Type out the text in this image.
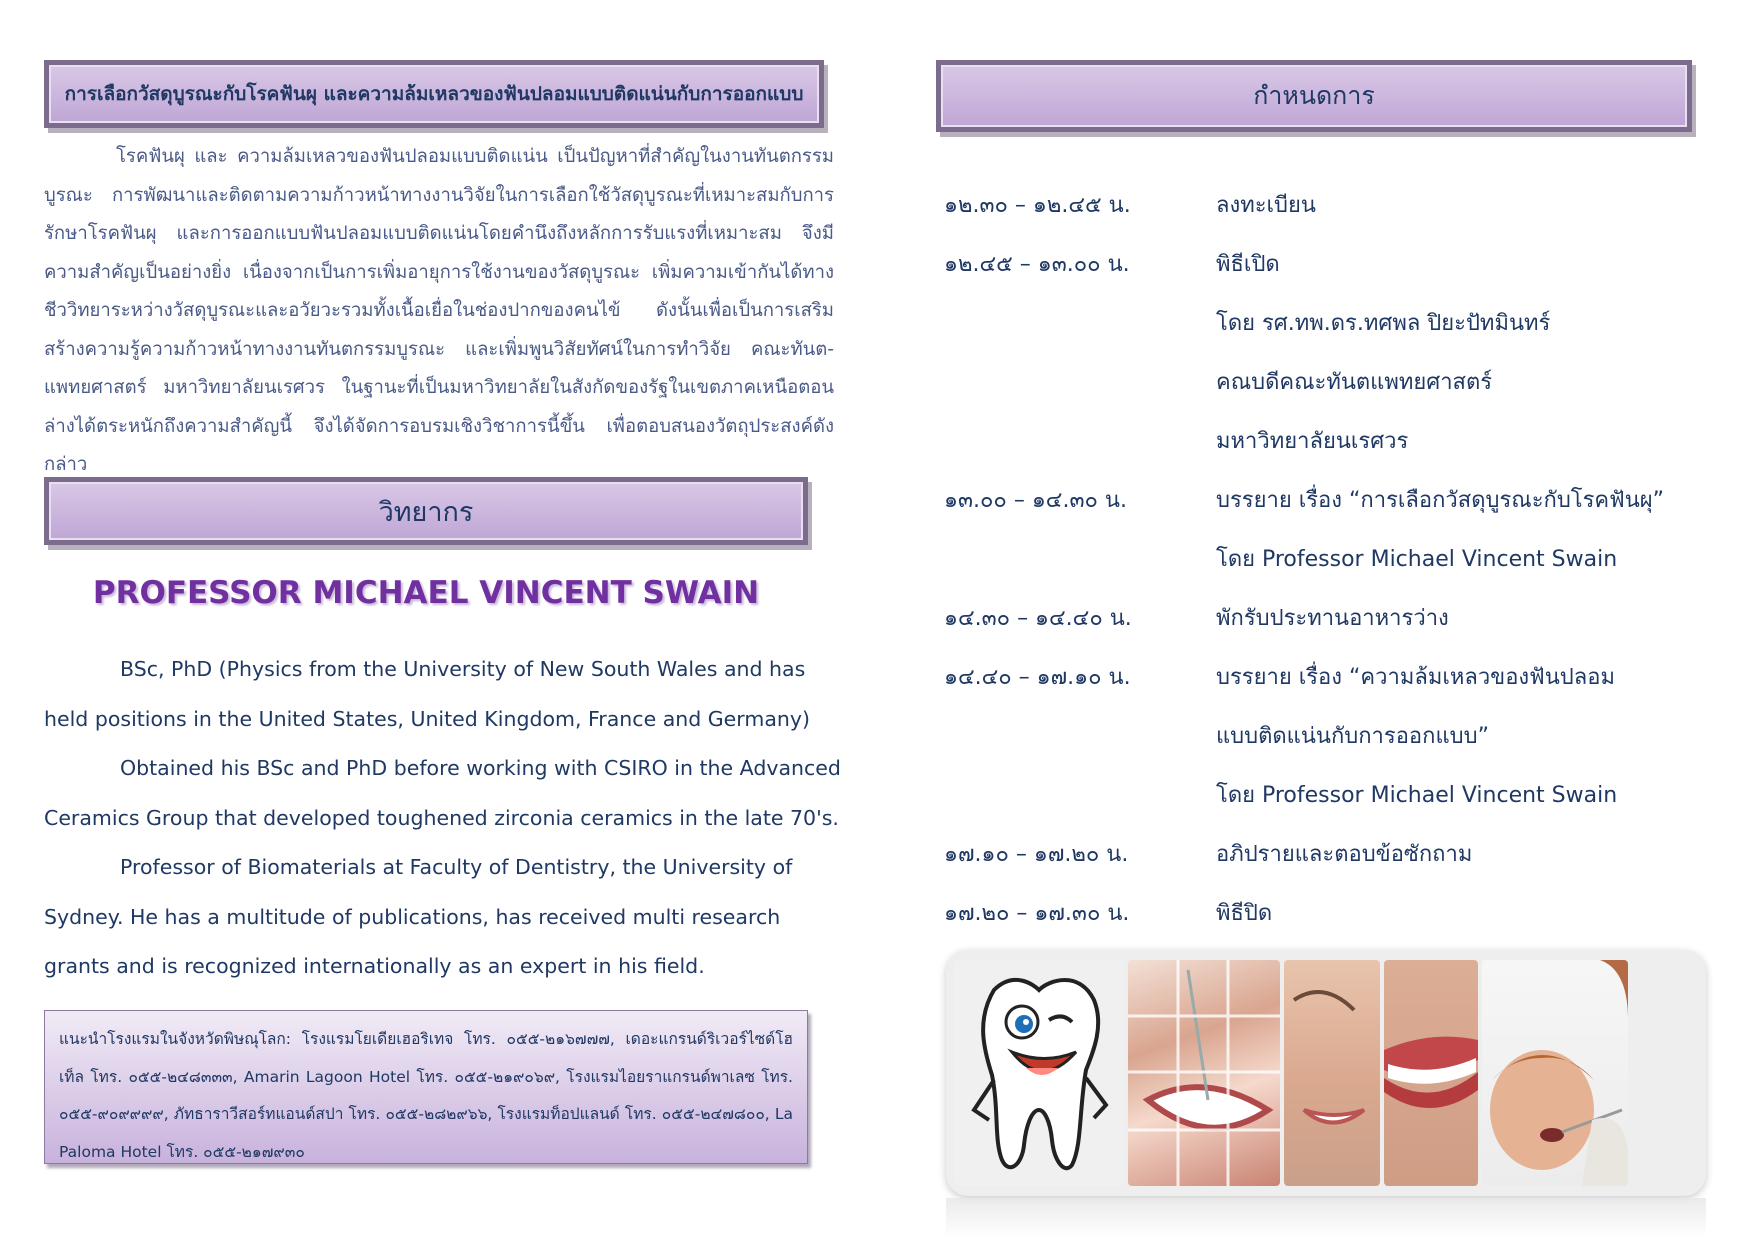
การเลือกวัสดุบูรณะกับโรคฟันผุ และความล้มเหลวของฟันปลอมแบบติดแน่นกับการออกแบบ

โรคฟันผุ และ ความล้มเหลวของฟันปลอมแบบติดแน่น เป็นปัญหาที่สำคัญในงานทันตกรรมบูรณะ การพัฒนาและติดตามความก้าวหน้าทางงานวิจัยในการเลือกใช้วัสดุบูรณะที่เหมาะสมกับการรักษาโรคฟันผุ และการออกแบบฟันปลอมแบบติดแน่นโดยคำนึงถึงหลักการรับแรงที่เหมาะสม จึงมีความสำคัญเป็นอย่างยิ่ง เนื่องจากเป็นการเพิ่มอายุการใช้งานของวัสดุบูรณะ เพิ่มความเข้ากันได้ทางชีววิทยาระหว่างวัสดุบูรณะและอวัยวะรวมทั้งเนื้อเยื่อในช่องปากของคนไข้ ดังนั้นเพื่อเป็นการเสริมสร้างความรู้ความก้าวหน้าทางงานทันตกรรมบูรณะ และเพิ่มพูนวิสัยทัศน์ในการทำวิจัย คณะทันต-แพทยศาสตร์ มหาวิทยาลัยนเรศวร ในฐานะที่เป็นมหาวิทยาลัยในสังกัดของรัฐในเขตภาคเหนือตอนล่างได้ตระหนักถึงความสำคัญนี้ จึงได้จัดการอบรมเชิงวิชาการนี้ขึ้น เพื่อตอบสนองวัตถุประสงค์ดังกล่าว

วิทยากร
PROFESSOR MICHAEL VINCENT SWAIN

BSc, PhD (Physics from the University of New South Wales and has held positions in the United States, United Kingdom, France and Germany)

Obtained his BSc and PhD before working with CSIRO in the Advanced Ceramics Group that developed toughened zirconia ceramics in the late 70's.

Professor of Biomaterials at Faculty of Dentistry, the University of Sydney. He has a multitude of publications, has received multi research grants and is recognized internationally as an expert in his field.

แนะนำโรงแรมในจังหวัดพิษณุโลก: โรงแรมโยเดียเฮอริเทจ โทร. ๐๕๕-๒๑๖๗๗๗, เดอะแกรนด์ริเวอร์ไซด์โฮเท็ล โทร. ๐๕๕-๒๔๘๓๓๓, Amarin Lagoon Hotel โทร. ๐๕๕-๒๑๙๐๖๙, โรงแรมไอยราแกรนด์พาเลซ โทร. ๐๕๕-๙๐๙๙๙๙, ภัทธาราวีสอร์ทแอนด์สปา โทร. ๐๕๕-๒๘๒๙๖๖, โรงแรมท็อปแลนด์ โทร. ๐๕๕-๒๔๗๘๐๐, La Paloma Hotel โทร. ๐๕๕-๒๑๗๙๓๐
กำหนดการ
๑๒.๓๐ – ๑๒.๔๕ น.	ลงทะเบียน
๑๒.๔๕ – ๑๓.๐๐ น.	พิธีเปิด
โดย รศ.ทพ.ดร.ทศพล ปิยะปัทมินทร์
คณบดีคณะทันตแพทยศาสตร์
มหาวิทยาลัยนเรศวร
๑๓.๐๐ – ๑๔.๓๐ น.	บรรยาย เรื่อง “การเลือกวัสดุบูรณะกับโรคฟันผุ”
โดย Professor Michael Vincent Swain
๑๔.๓๐ – ๑๔.๔๐ น.	พักรับประทานอาหารว่าง
๑๔.๔๐ – ๑๗.๑๐ น.	บรรยาย เรื่อง “ความล้มเหลวของฟันปลอม
แบบติดแน่นกับการออกแบบ”
โดย Professor Michael Vincent Swain
๑๗.๑๐ – ๑๗.๒๐ น.	อภิปรายและตอบข้อซักถาม
๑๗.๒๐ – ๑๗.๓๐ น.	พิธีปิด
